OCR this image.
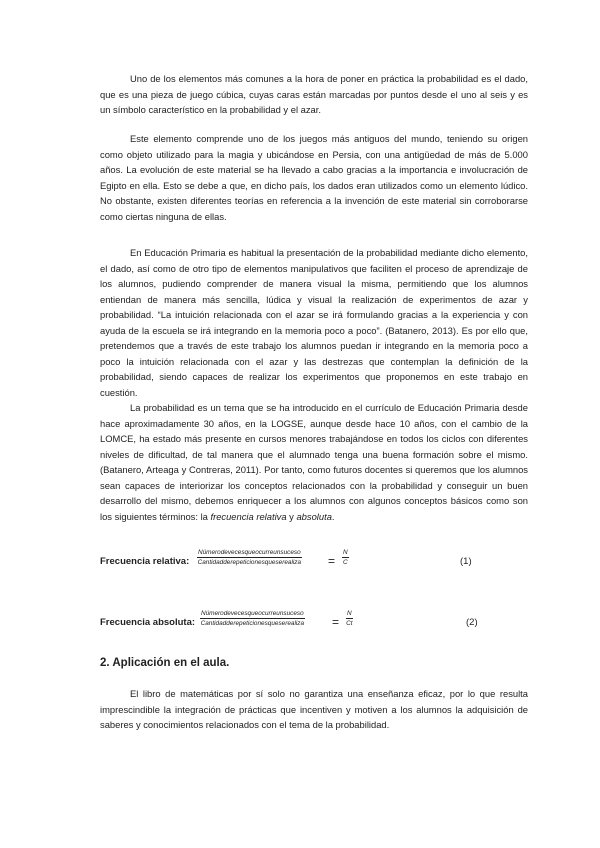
Uno de los elementos más comunes a la hora de poner en práctica la probabilidad es el dado, que es una pieza de juego cúbica, cuyas caras están marcadas por puntos desde el uno al seis y es un símbolo característico en la probabilidad y el azar.

Este elemento comprende uno de los juegos más antiguos del mundo, teniendo su origen como objeto utilizado para la magia y ubicándose en Persia, con una antigüedad de más de 5.000 años. La evolución de este material se ha llevado a cabo gracias a la importancia e involucración de Egipto en ella. Esto se debe a que, en dicho país, los dados eran utilizados como un elemento lúdico. No obstante, existen diferentes teorías en referencia a la invención de este material sin corroborarse como ciertas ninguna de ellas.

En Educación Primaria es habitual la presentación de la probabilidad mediante dicho elemento, el dado, así como de otro tipo de elementos manipulativos que faciliten el proceso de aprendizaje de los alumnos, pudiendo comprender de manera visual la misma, permitiendo que los alumnos entiendan de manera más sencilla, lúdica y visual la realización de experimentos de azar y probabilidad. “La intuición relacionada con el azar se irá formulando gracias a la experiencia y con ayuda de la escuela se irá integrando en la memoria poco a poco”. (Batanero, 2013). Es por ello que, pretendemos que a través de este trabajo los alumnos puedan ir integrando en la memoria poco a poco la intuición relacionada con el azar y las destrezas que contemplan la definición de la probabilidad, siendo capaces de realizar los experimentos que proponemos en este trabajo en cuestión.

La probabilidad es un tema que se ha introducido en el currículo de Educación Primaria desde hace aproximadamente 30 años, en la LOGSE, aunque desde hace 10 años, con el cambio de la LOMCE, ha estado más presente en cursos menores trabajándose en todos los ciclos con diferentes niveles de dificultad, de tal manera que el alumnado tenga una buena formación sobre el mismo. (Batanero, Arteaga y Contreras, 2011). Por tanto, como futuros docentes si queremos que los alumnos sean capaces de interiorizar los conceptos relacionados con la probabilidad y conseguir un buen desarrollo del mismo, debemos enriquecer a los alumnos con algunos conceptos básicos como son los siguientes términos: la frecuencia relativa y absoluta.

Frecuencia relativa:
Númerodevecesqueocurreunsuceso
Cantidadderepeticionesqueserealiza = $\frac{N}{C}$	(1)
Frecuencia absoluta:
Númerodevecesqueocurreunsuceso
Cantidadderepeticionesqueserealiza = $\frac{N}{Ct}$	(2)
2. Aplicación en el aula.

El libro de matemáticas por sí solo no garantiza una enseñanza eficaz, por lo que resulta imprescindible la integración de prácticas que incentiven y motiven a los alumnos la adquisición de saberes y conocimientos relacionados con el tema de la probabilidad.
